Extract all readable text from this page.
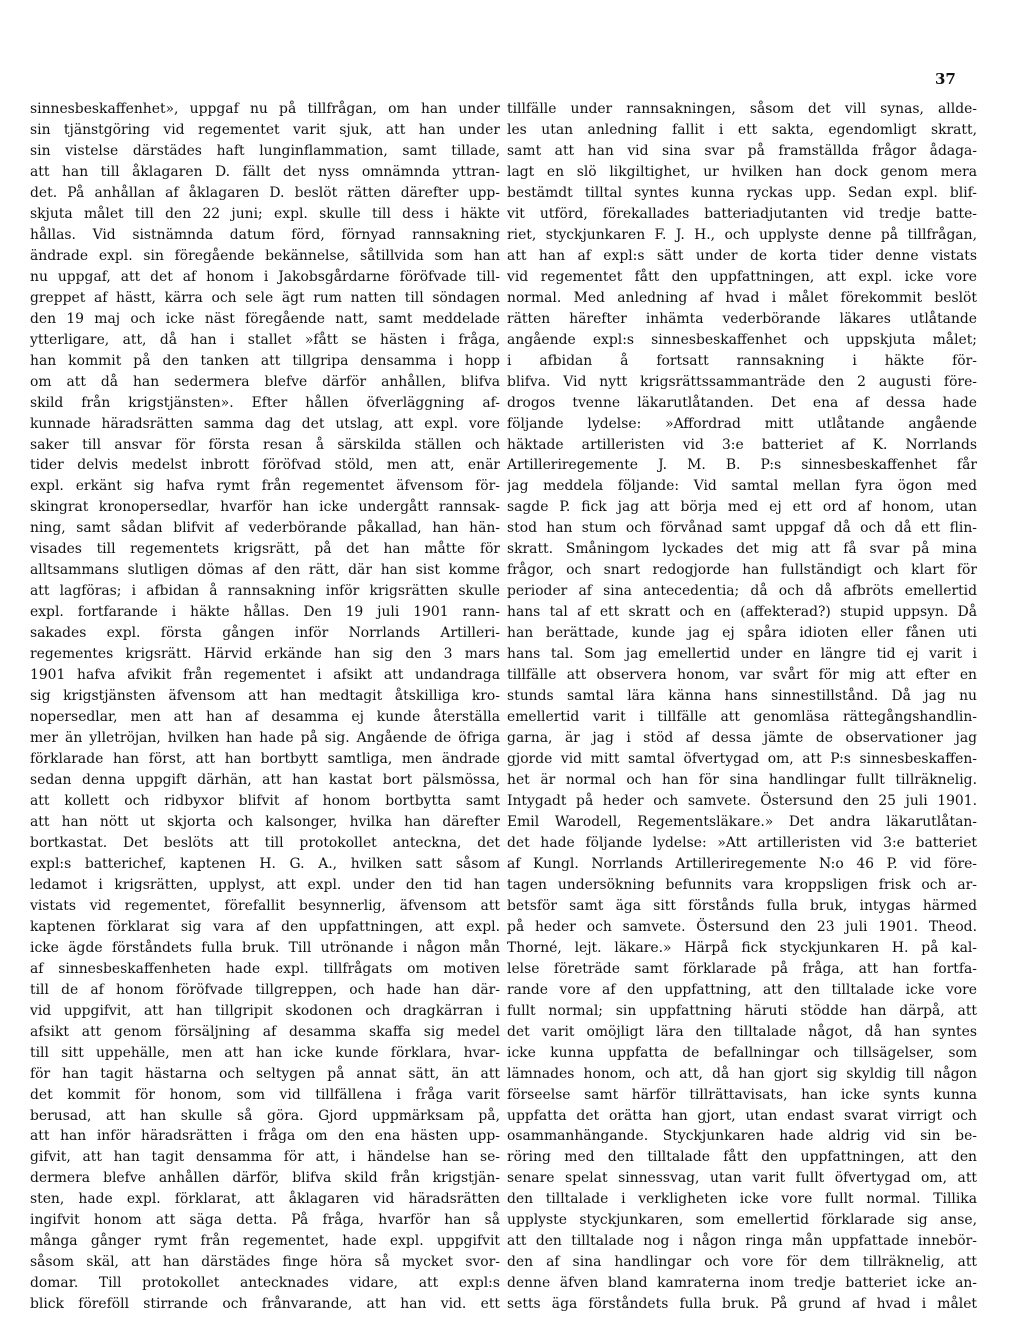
37
sinnesbeskaffenhet», uppgaf nu på tillfrågan, om han under
sin tjänstgöring vid regementet varit sjuk, att han under
sin vistelse därstädes haft lunginflammation, samt tillade,
att han till åklagaren D. fällt det nyss omnämnda yttran-
det. På anhållan af åklagaren D. beslöt rätten därefter upp-
skjuta målet till den 22 juni; expl. skulle till dess i häkte
hållas. Vid sistnämnda datum förd, förnyad rannsakning
ändrade expl. sin föregående bekännelse, såtillvida som han
nu uppgaf, att det af honom i Jakobsgårdarne föröfvade till-
greppet af hästt, kärra och sele ägt rum natten till söndagen
den 19 maj och icke näst föregående natt, samt meddelade
ytterligare, att, då han i stallet »fått se hästen i fråga,
han kommit på den tanken att tillgripa densamma i hopp
om att då han sedermera blefve därför anhållen, blifva
skild från krigstjänsten». Efter hållen öfverläggning af-
kunnade häradsrätten samma dag det utslag, att expl. vore
saker till ansvar för första resan å särskilda ställen och
tider delvis medelst inbrott föröfvad stöld, men att, enär
expl. erkänt sig hafva rymt från regementet äfvensom för-
skingrat kronopersedlar, hvarför han icke undergått rannsak-
ning, samt sådan blifvit af vederbörande påkallad, han hän-
visades till regementets krigsrätt, på det han måtte för
alltsammans slutligen dömas af den rätt, där han sist komme
att lagföras; i afbidan å rannsakning inför krigsrätten skulle
expl. fortfarande i häkte hållas. Den 19 juli 1901 rann-
sakades expl. första gången inför Norrlands Artilleri-
regementes krigsrätt. Härvid erkände han sig den 3 mars
1901 hafva afvikit från regementet i afsikt att undandraga
sig krigstjänsten äfvensom att han medtagit åtskilliga kro-
nopersedlar, men att han af desamma ej kunde återställa
mer än ylletröjan, hvilken han hade på sig. Angående de öfriga
förklarade han först, att han bortbytt samtliga, men ändrade
sedan denna uppgift därhän, att han kastat bort pälsmössa,
att kollett och ridbyxor blifvit af honom bortbytta samt
att han nött ut skjorta och kalsonger, hvilka han därefter
bortkastat. Det beslöts att till protokollet anteckna, det
expl:s batterichef, kaptenen H. G. A., hvilken satt såsom
ledamot i krigsrätten, upplyst, att expl. under den tid han
vistats vid regementet, förefallit besynnerlig, äfvensom att
kaptenen förklarat sig vara af den uppfattningen, att expl.
icke ägde förståndets fulla bruk. Till utrönande i någon mån
af sinnesbeskaffenheten hade expl. tillfrågats om motiven
till de af honom föröfvade tillgreppen, och hade han där-
vid uppgifvit, att han tillgripit skodonen och dragkärran i
afsikt att genom försäljning af desamma skaffa sig medel
till sitt uppehälle, men att han icke kunde förklara, hvar-
för han tagit hästarna och seltygen på annat sätt, än att
det kommit för honom, som vid tillfällena i fråga varit
berusad, att han skulle så göra. Gjord uppmärksam på,
att han inför häradsrätten i fråga om den ena hästen upp-
gifvit, att han tagit densamma för att, i händelse han se-
dermera blefve anhållen därför, blifva skild från krigstjän-
sten, hade expl. förklarat, att åklagaren vid häradsrätten
ingifvit honom att säga detta. På fråga, hvarför han så
många gånger rymt från regementet, hade expl. uppgifvit
såsom skäl, att han därstädes finge höra så mycket svor-
domar. Till protokollet antecknades vidare, att expl:s
blick föreföll stirrande och frånvarande, att han vid. ett
tillfälle under rannsakningen, såsom det vill synas, allde-
les utan anledning fallit i ett sakta, egendomligt skratt,
samt att han vid sina svar på framställda frågor ådaga-
lagt en slö likgiltighet, ur hvilken han dock genom mera
bestämdt tilltal syntes kunna ryckas upp. Sedan expl. blif-
vit utförd, förekallades batteriadjutanten vid tredje batte-
riet, styckjunkaren F. J. H., och upplyste denne på tillfrågan,
att han af expl:s sätt under de korta tider denne vistats
vid regementet fått den uppfattningen, att expl. icke vore
normal. Med anledning af hvad i målet förekommit beslöt
rätten härefter inhämta vederbörande läkares utlåtande
angående expl:s sinnesbeskaffenhet och uppskjuta målet;
i afbidan å fortsatt rannsakning i häkte för-
blifva. Vid nytt krigsrättssammanträde den 2 augusti före-
drogos tvenne läkarutlåtanden. Det ena af dessa hade
följande lydelse: »Affordrad mitt utlåtande angående
häktade artilleristen vid 3:e batteriet af K. Norrlands
Artilleriregemente J. M. B. P:s sinnesbeskaffenhet får
jag meddela följande: Vid samtal mellan fyra ögon med
sagde P. fick jag att börja med ej ett ord af honom, utan
stod han stum och förvånad samt uppgaf då och då ett flin-
skratt. Småningom lyckades det mig att få svar på mina
frågor, och snart redogjorde han fullständigt och klart för
perioder af sina antecedentia; då och då afbröts emellertid
hans tal af ett skratt och en (affekterad?) stupid uppsyn. Då
han berättade, kunde jag ej spåra idioten eller fånen uti
hans tal. Som jag emellertid under en längre tid ej varit i
tillfälle att observera honom, var svårt för mig att efter en
stunds samtal lära känna hans sinnestillstånd. Då jag nu
emellertid varit i tillfälle att genomläsa rättegångshandlin-
garna, är jag i stöd af dessa jämte de observationer jag
gjorde vid mitt samtal öfvertygad om, att P:s sinnesbeskaffen-
het är normal och han för sina handlingar fullt tillräknelig.
Intygadt på heder och samvete. Östersund den 25 juli 1901.
Emil Warodell, Regementsläkare.» Det andra läkarutlåtan-
det hade följande lydelse: »Att artilleristen vid 3:e batteriet
af Kungl. Norrlands Artilleriregemente N:o 46 P. vid före-
tagen undersökning befunnits vara kroppsligen frisk och ar-
betsför samt äga sitt förstånds fulla bruk, intygas härmed
på heder och samvete. Östersund den 23 juli 1901. Theod.
Thorné, lejt. läkare.» Härpå fick styckjunkaren H. på kal-
lelse företräde samt förklarade på fråga, att han fortfa-
rande vore af den uppfattning, att den tilltalade icke vore
fullt normal; sin uppfattning häruti stödde han därpå, att
det varit omöjligt lära den tilltalade något, då han syntes
icke kunna uppfatta de befallningar och tillsägelser, som
lämnades honom, och att, då han gjort sig skyldig till någon
förseelse samt härför tillrättavisats, han icke synts kunna
uppfatta det orätta han gjort, utan endast svarat virrigt och
osammanhängande. Styckjunkaren hade aldrig vid sin be-
röring med den tilltalade fått den uppfattningen, att den
senare spelat sinnessvag, utan varit fullt öfvertygad om, att
den tilltalade i verkligheten icke vore fullt normal. Tillika
upplyste styckjunkaren, som emellertid förklarade sig anse,
att den tilltalade nog i någon ringa mån uppfattade innebör-
den af sina handlingar och vore för dem tillräknelig, att
denne äfven bland kamraterna inom tredje batteriet icke an-
setts äga förståndets fulla bruk. På grund af hvad i målet
